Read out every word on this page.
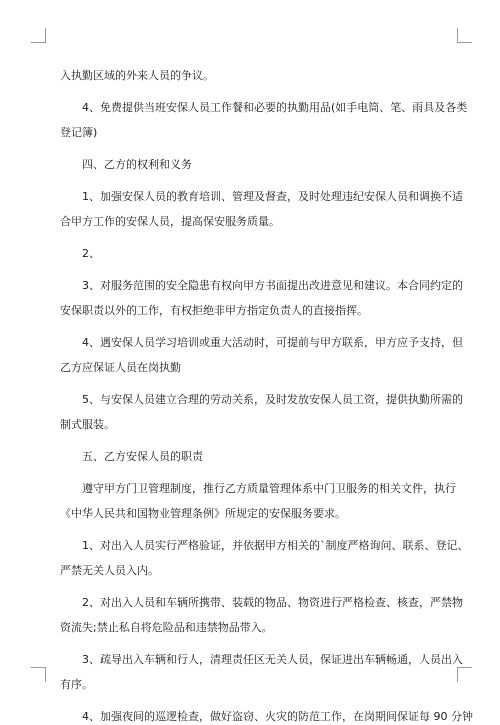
入执勤区域的外来人员的争议。
4、免费提供当班安保人员工作餐和必要的执勤用品(如手电筒、笔、雨具及各类
登记簿)
四、乙方的权利和义务
1、加强安保人员的教育培训、管理及督查，及时处理违纪安保人员和调换不适
合甲方工作的安保人员，提高保安服务质量。
2、
3、对服务范围的安全隐患有权向甲方书面提出改进意见和建议。本合同约定的
安保职责以外的工作，有权拒绝非甲方指定负责人的直接指挥。
4、遇安保人员学习培训或重大活动时，可提前与甲方联系，甲方应予支持，但
乙方应保证人员在岗执勤
5、与安保人员建立合理的劳动关系，及时发放安保人员工资，提供执勤所需的
制式服装。
五、乙方安保人员的职责
遵守甲方门卫管理制度，推行乙方质量管理体系中门卫服务的相关文件，执行
《中华人民共和国物业管理条例》所规定的安保服务要求。
1、对出入人员实行严格验证，并依据甲方相关的`制度严格询问、联系、登记、
严禁无关人员入内。
2、对出入人员和车辆所携带、装载的物品、物资进行严格检查、核查，严禁物
资流失;禁止私自将危险品和违禁物品带入。
3、疏导出入车辆和行人，清理责任区无关人员，保证进出车辆畅通，人员出入
有序。
4、加强夜间的巡逻检查，做好盗窃、火灾的防范工作，在岗期间保证每 90 分钟
